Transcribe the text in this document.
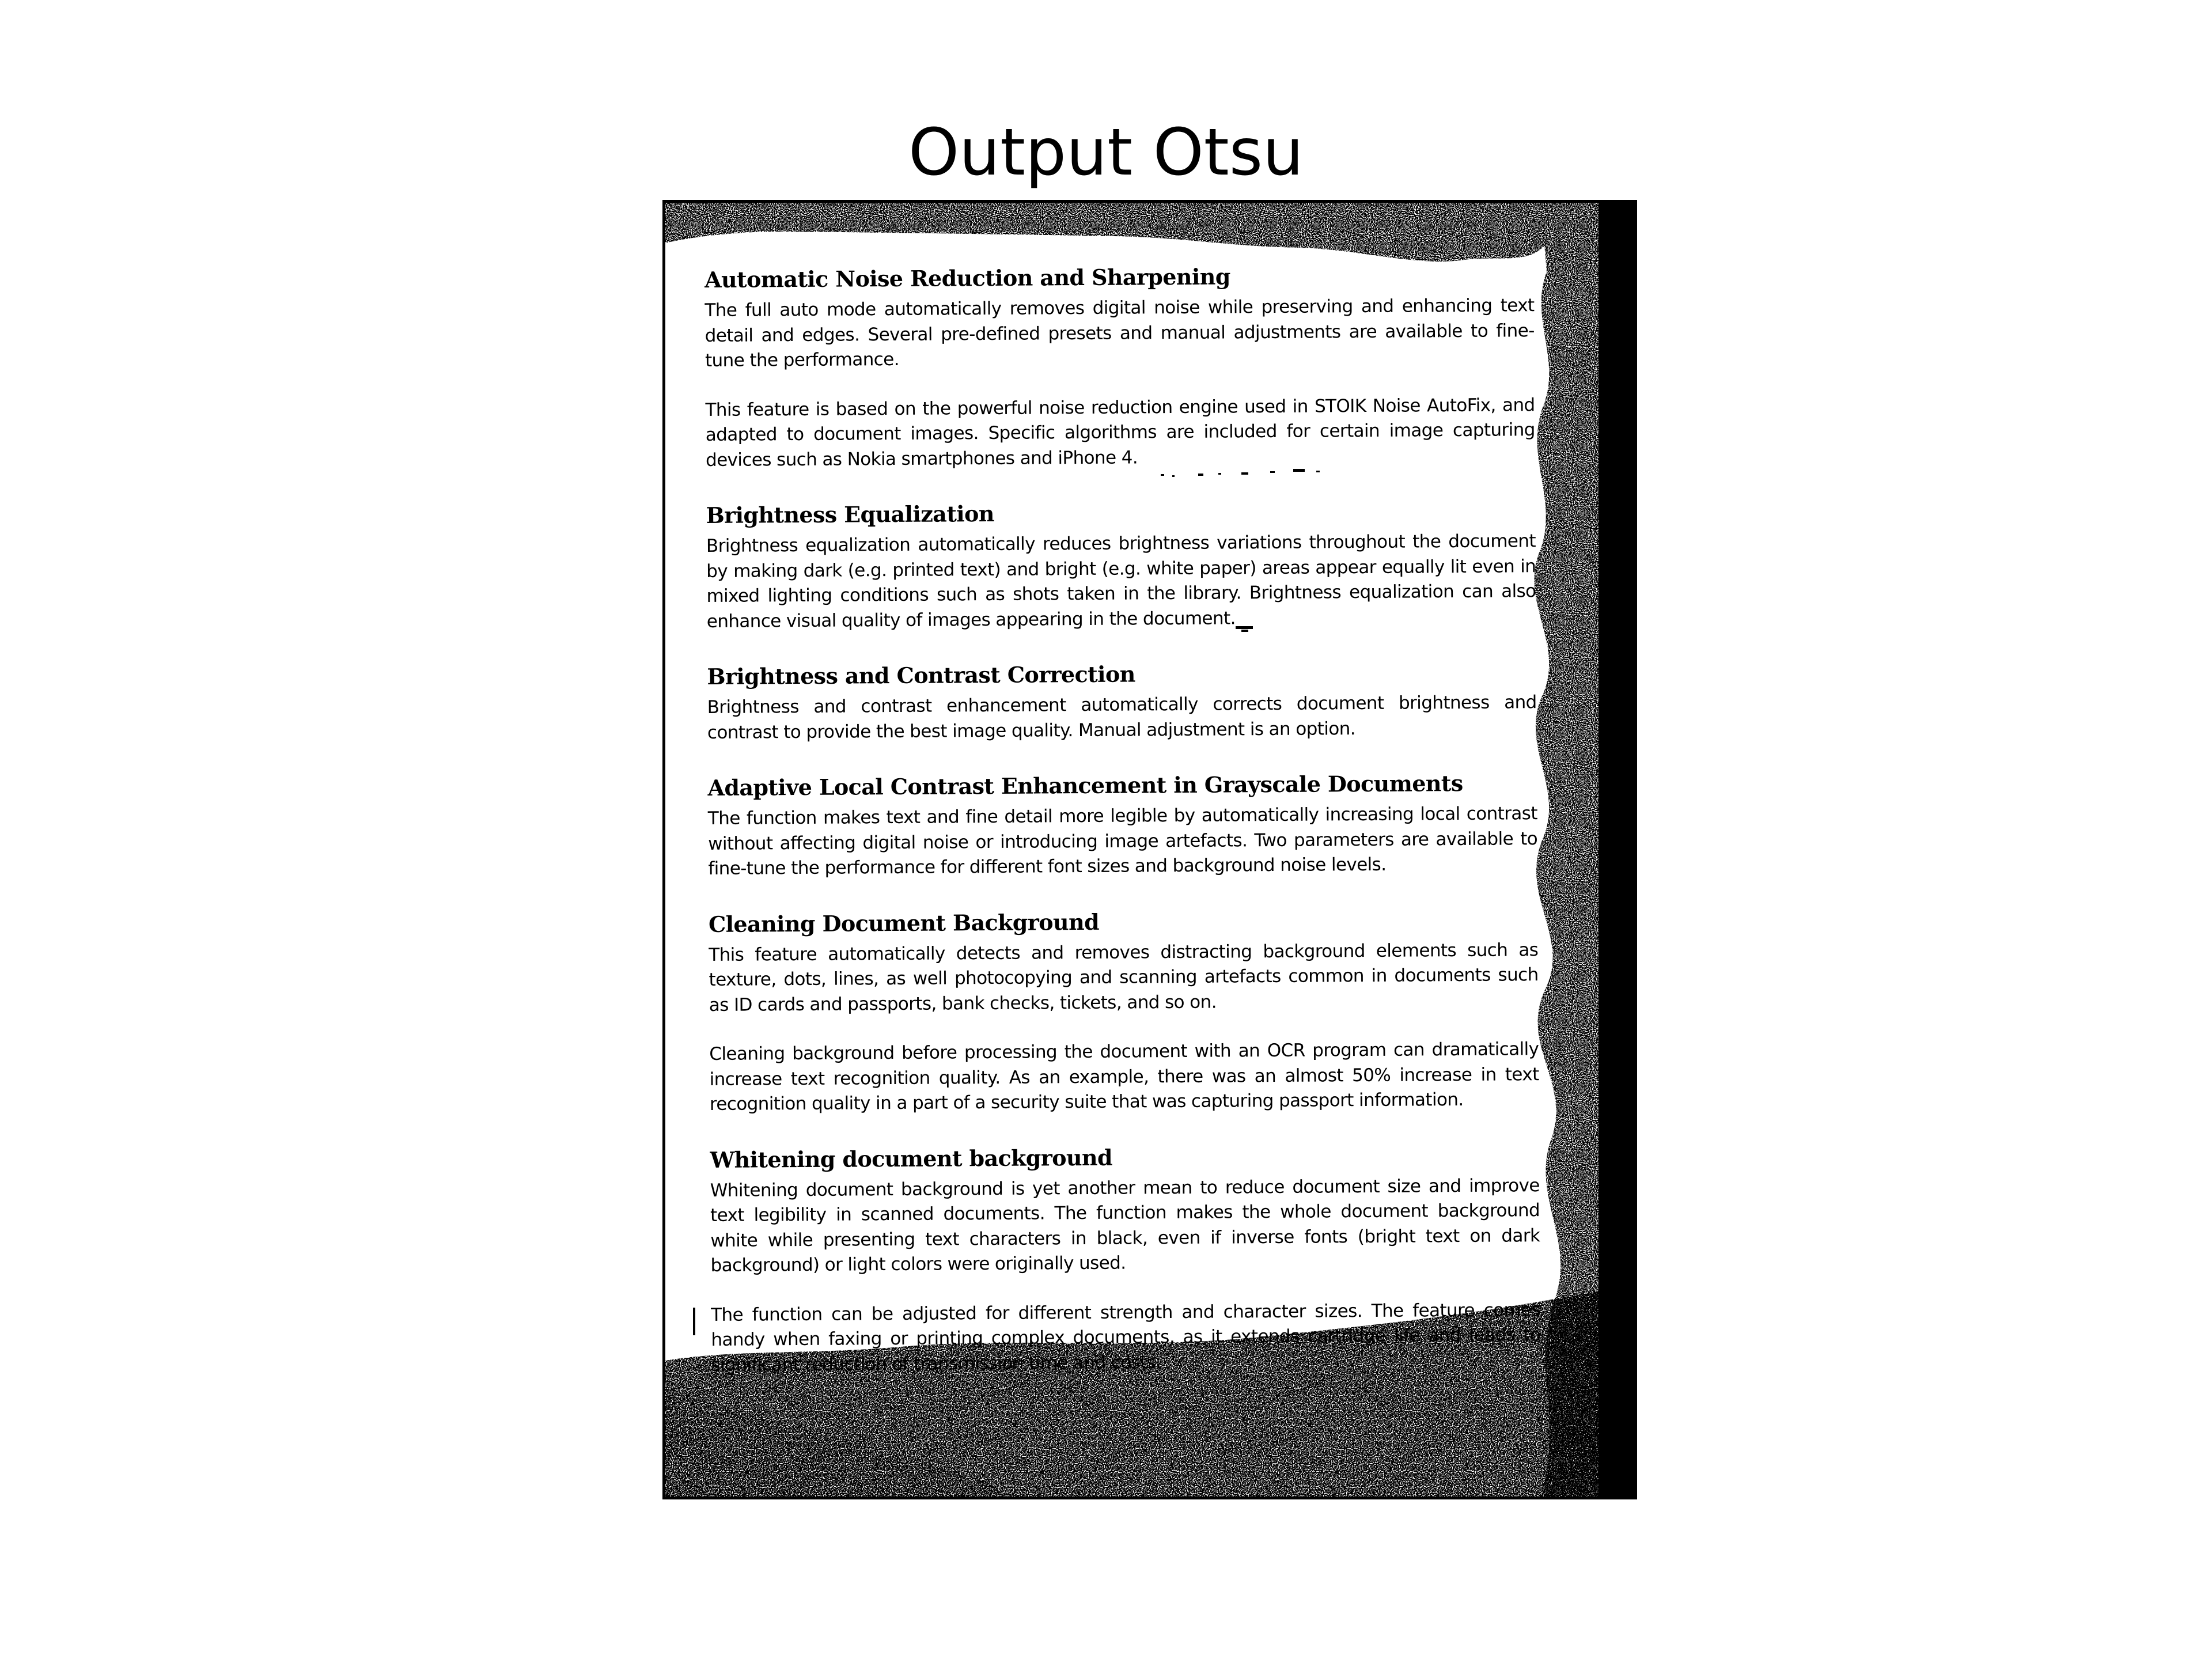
Output Otsu
Automatic Noise Reduction and Sharpening

The full auto mode automatically removes digital noise while preserving and enhancing text detail and edges. Several pre-defined presets and manual adjustments are available to fine-tune the performance.

This feature is based on the powerful noise reduction engine used in STOIK Noise AutoFix, and adapted to document images. Specific algorithms are included for certain image capturing devices such as Nokia smartphones and iPhone 4.

Brightness Equalization

Brightness equalization automatically reduces brightness variations throughout the document by making dark (e.g. printed text) and bright (e.g. white paper) areas appear equally lit even in mixed lighting conditions such as shots taken in the library. Brightness equalization can also enhance visual quality of images appearing in the document.

Brightness and Contrast Correction

Brightness and contrast enhancement automatically corrects document brightness and contrast to provide the best image quality. Manual adjustment is an option.

Adaptive Local Contrast Enhancement in Grayscale Documents

The function makes text and fine detail more legible by automatically increasing local contrast without affecting digital noise or introducing image artefacts. Two parameters are available to fine-tune the performance for different font sizes and background noise levels.

Cleaning Document Background

This feature automatically detects and removes distracting background elements such as texture, dots, lines, as well photocopying and scanning artefacts common in documents such as ID cards and passports, bank checks, tickets, and so on.

Cleaning background before processing the document with an OCR program can dramatically increase text recognition quality. As an example, there was an almost 50% increase in text recognition quality in a part of a security suite that was capturing passport information.

Whitening document background

Whitening document background is yet another mean to reduce document size and improve text legibility in scanned documents. The function makes the whole document background white while presenting text characters in black, even if inverse fonts (bright text on dark background) or light colors were originally used.

The function can be adjusted for different strength and character sizes. The feature comes handy when faxing or printing complex documents, as it extends cartridge life and leads to significant reduction of transmission time and costs.
